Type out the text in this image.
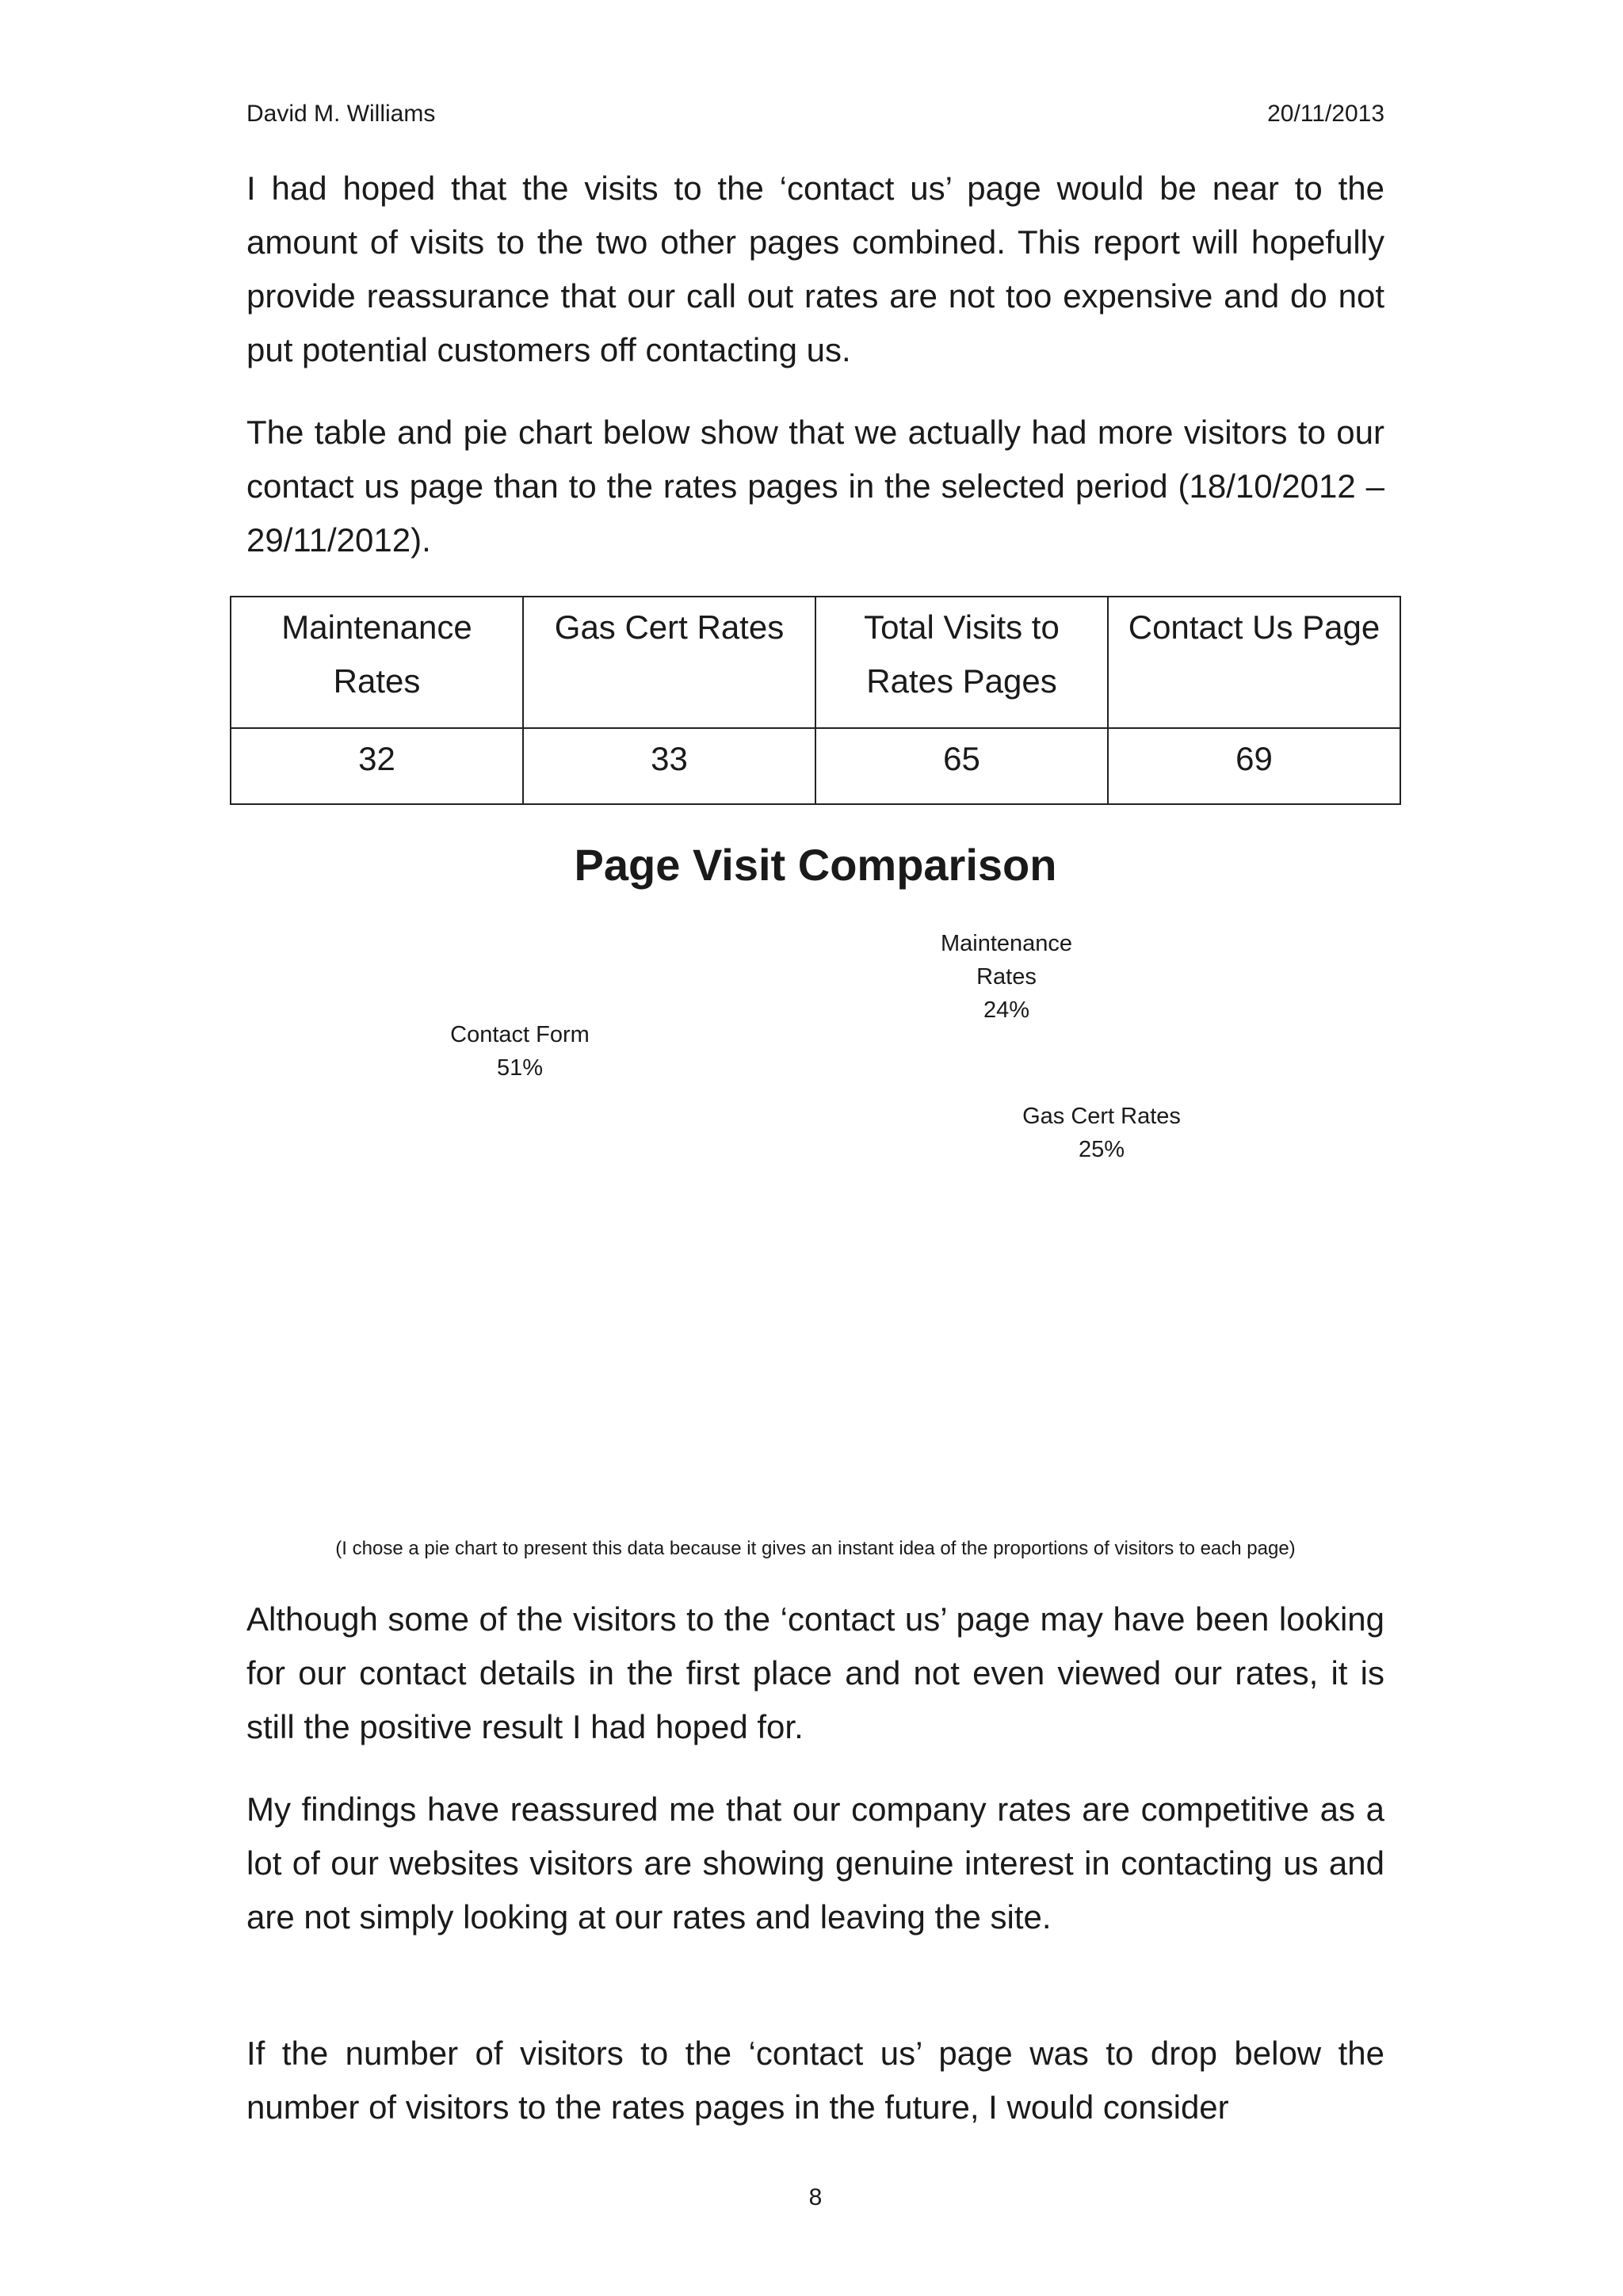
David M. Williams	20/11/2013

I had hoped that the visits to the ‘contact us’ page would be near to the amount of visits to the two other pages combined. This report will hopefully provide reassurance that our call out rates are not too expensive and do not put potential customers off contacting us.

The table and pie chart below show that we actually had more visitors to our contact us page than to the rates pages in the selected period (18/10/2012 – 29/11/2012).

Maintenance Rates	Gas Cert Rates	Total Visits to Rates Pages	Contact Us Page
32	33	65	69
Page Visit Comparison
Maintenance
Rates
24%
Gas Cert Rates
25%
Contact Form
51%
(I chose a pie chart to present this data because it gives an instant idea of the proportions of visitors to each page)

Although some of the visitors to the ‘contact us’ page may have been looking for our contact details in the first place and not even viewed our rates, it is still the positive result I had hoped for.

My findings have reassured me that our company rates are competitive as a lot of our websites visitors are showing genuine interest in contacting us and are not simply looking at our rates and leaving the site.

If the number of visitors to the ‘contact us’ page was to drop below the number of visitors to the rates pages in the future, I would consider

8
